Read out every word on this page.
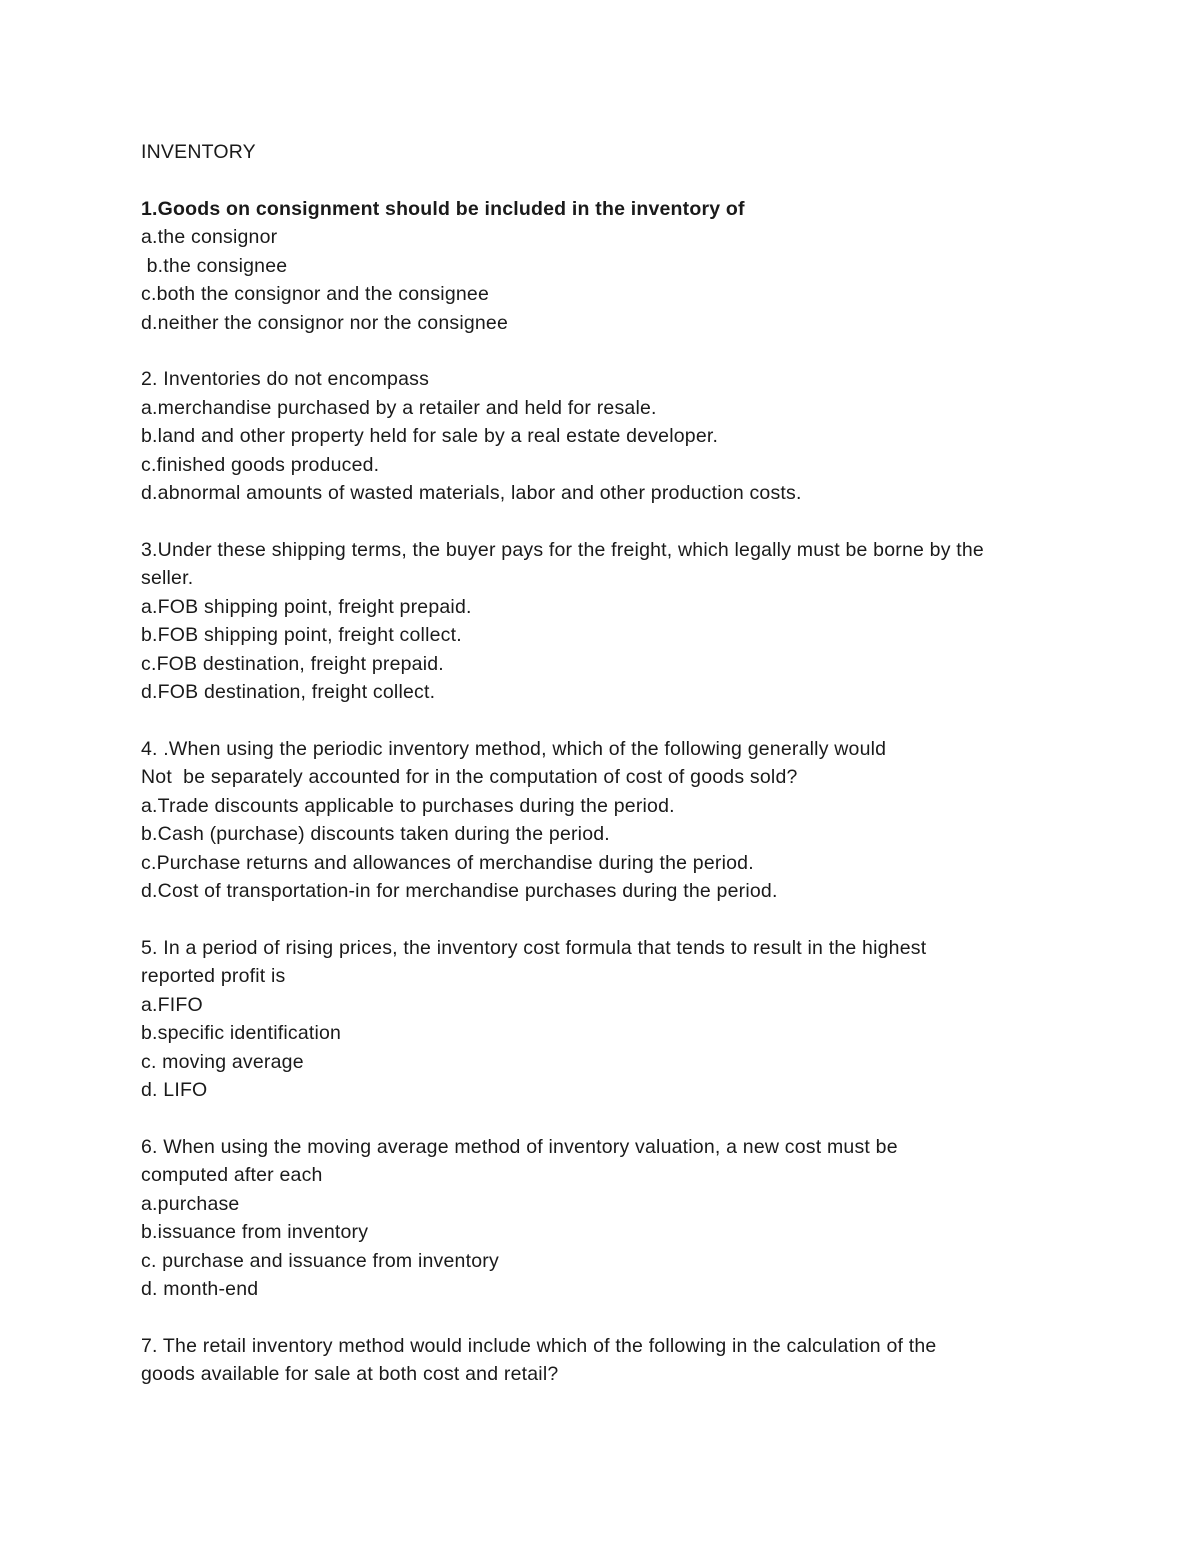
INVENTORY

1.Goods on consignment should be included in the inventory of

a.the consignor

b.the consignee

c.both the consignor and the consignee

d.neither the consignor nor the consignee

2. Inventories do not encompass

a.merchandise purchased by a retailer and held for resale.

b.land and other property held for sale by a real estate developer.

c.finished goods produced.

d.abnormal amounts of wasted materials, labor and other production costs.

3.Under these shipping terms, the buyer pays for the freight, which legally must be borne by the

seller.

a.FOB shipping point, freight prepaid.

b.FOB shipping point, freight collect.

c.FOB destination, freight prepaid.

d.FOB destination, freight collect.

4. .When using the periodic inventory method, which of the following generally would

Not  be separately accounted for in the computation of cost of goods sold?

a.Trade discounts applicable to purchases during the period.

b.Cash (purchase) discounts taken during the period.

c.Purchase returns and allowances of merchandise during the period.

d.Cost of transportation-in for merchandise purchases during the period.

5. In a period of rising prices, the inventory cost formula that tends to result in the highest

reported profit is

a.FIFO

b.specific identification

c. moving average

d. LIFO

6. When using the moving average method of inventory valuation, a new cost must be

computed after each

a.purchase

b.issuance from inventory

c. purchase and issuance from inventory

d. month-end

7. The retail inventory method would include which of the following in the calculation of the

goods available for sale at both cost and retail?
